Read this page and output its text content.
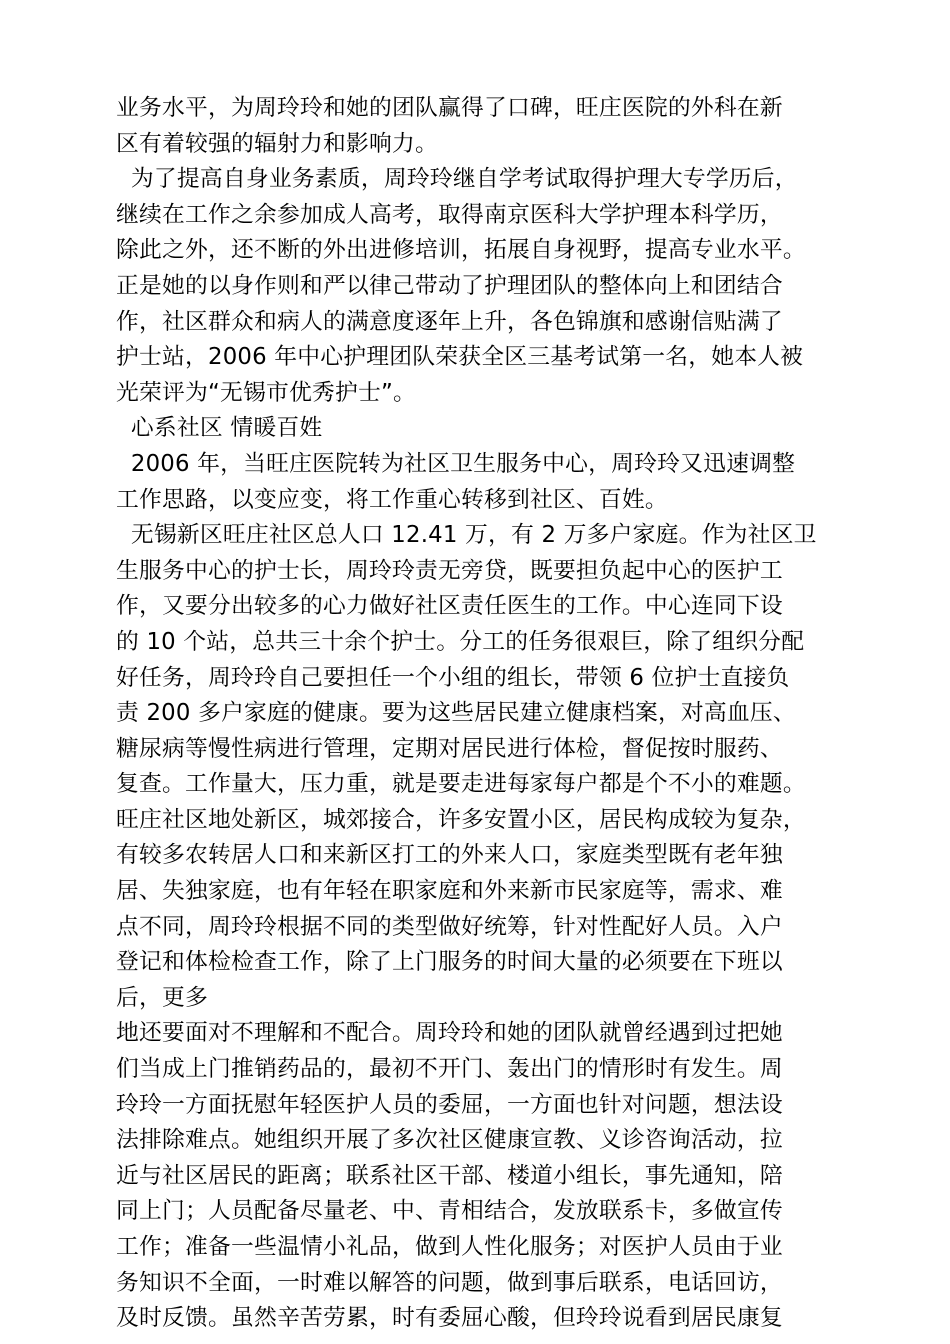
业务水平，为周玲玲和她的团队赢得了口碑，旺庄医院的外科在新
区有着较强的辐射力和影响力。
为了提高自身业务素质，周玲玲继自学考试取得护理大专学历后，
继续在工作之余参加成人高考，取得南京医科大学护理本科学历，
除此之外，还不断的外出进修培训，拓展自身视野，提高专业水平。
正是她的以身作则和严以律己带动了护理团队的整体向上和团结合
作，社区群众和病人的满意度逐年上升，各色锦旗和感谢信贴满了
护士站，2006 年中心护理团队荣获全区三基考试第一名，她本人被
光荣评为“无锡市优秀护士”。
心系社区 情暖百姓
2006 年，当旺庄医院转为社区卫生服务中心，周玲玲又迅速调整
工作思路，以变应变，将工作重心转移到社区、百姓。
无锡新区旺庄社区总人口 12.41 万，有 2 万多户家庭。作为社区卫
生服务中心的护士长，周玲玲责无旁贷，既要担负起中心的医护工
作，又要分出较多的心力做好社区责任医生的工作。中心连同下设
的 10 个站，总共三十余个护士。分工的任务很艰巨，除了组织分配
好任务，周玲玲自己要担任一个小组的组长，带领 6 位护士直接负
责 200 多户家庭的健康。要为这些居民建立健康档案，对高血压、
糖尿病等慢性病进行管理，定期对居民进行体检，督促按时服药、
复查。工作量大，压力重，就是要走进每家每户都是个不小的难题。
旺庄社区地处新区，城郊接合，许多安置小区，居民构成较为复杂，
有较多农转居人口和来新区打工的外来人口，家庭类型既有老年独
居、失独家庭，也有年轻在职家庭和外来新市民家庭等，需求、难
点不同，周玲玲根据不同的类型做好统筹，针对性配好人员。入户
登记和体检检查工作，除了上门服务的时间大量的必须要在下班以
后，更多
地还要面对不理解和不配合。周玲玲和她的团队就曾经遇到过把她
们当成上门推销药品的，最初不开门、轰出门的情形时有发生。周
玲玲一方面抚慰年轻医护人员的委屈，一方面也针对问题，想法设
法排除难点。她组织开展了多次社区健康宣教、义诊咨询活动，拉
近与社区居民的距离；联系社区干部、楼道小组长，事先通知，陪
同上门；人员配备尽量老、中、青相结合，发放联系卡，多做宣传
工作；准备一些温情小礼品，做到人性化服务；对医护人员由于业
务知识不全面，一时难以解答的问题，做到事后联系，电话回访，
及时反馈。虽然辛苦劳累，时有委屈心酸，但玲玲说看到居民康复
